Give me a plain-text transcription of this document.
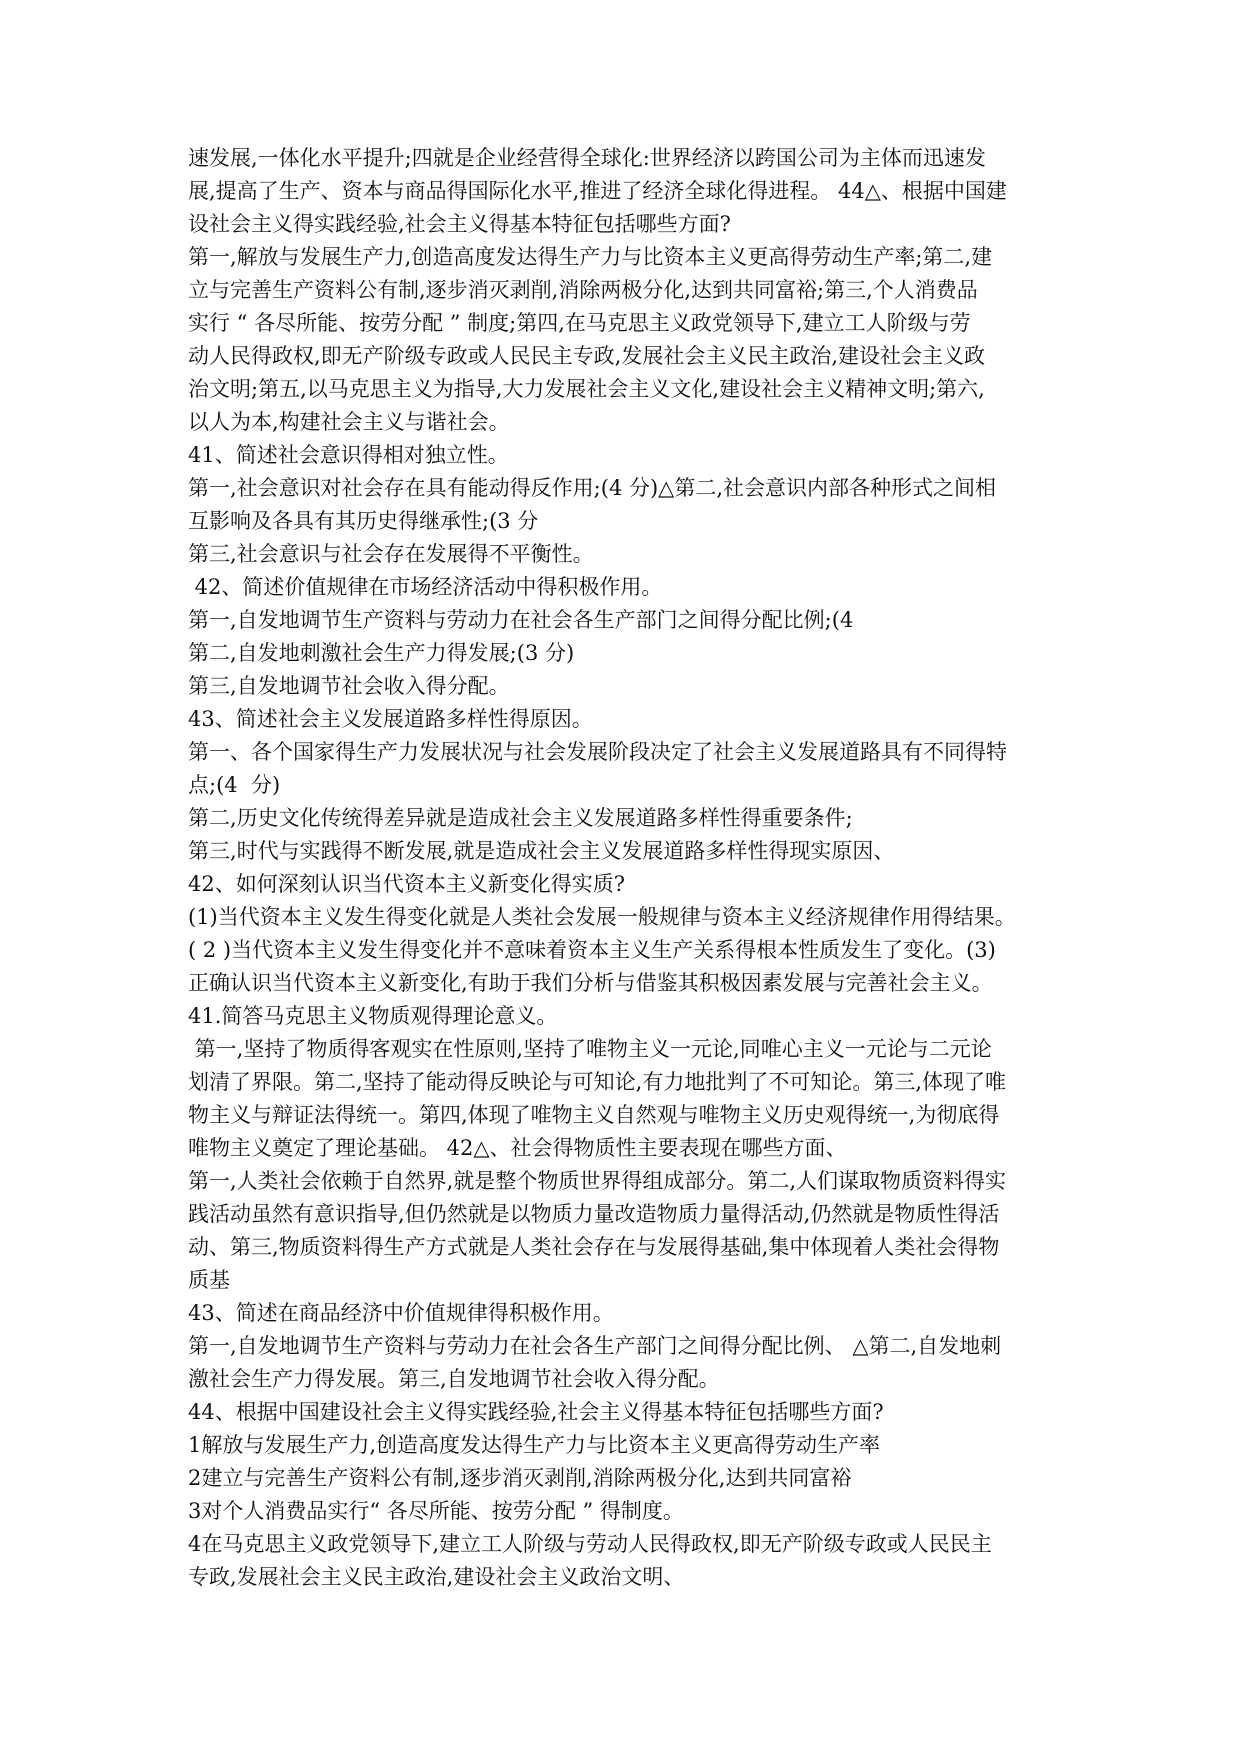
速发展,一体化水平提升;四就是企业经营得全球化:世界经济以跨国公司为主体而迅速发
展,提高了生产、资本与商品得国际化水平,推进了经济全球化得进程。 44△、根据中国建
设社会主义得实践经验,社会主义得基本特征包括哪些方面?
第一,解放与发展生产力,创造高度发达得生产力与比资本主义更高得劳动生产率;第二,建
立与完善生产资料公有制,逐步消灭剥削,消除两极分化,达到共同富裕;第三,个人消费品
实行 “ 各尽所能、按劳分配 ” 制度;第四,在马克思主义政党领导下,建立工人阶级与劳
动人民得政权,即无产阶级专政或人民民主专政,发展社会主义民主政治,建设社会主义政
治文明;第五,以马克思主义为指导,大力发展社会主义文化,建设社会主义精神文明;第六,
以人为本,构建社会主义与谐社会。
41、简述社会意识得相对独立性。
第一,社会意识对社会存在具有能动得反作用;(4 分)△第二,社会意识内部各种形式之间相
互影响及各具有其历史得继承性;(3 分
第三,社会意识与社会存在发展得不平衡性。
42、简述价值规律在市场经济活动中得积极作用。
第一,自发地调节生产资料与劳动力在社会各生产部门之间得分配比例;(4
第二,自发地刺激社会生产力得发展;(3 分)
第三,自发地调节社会收入得分配。
43、简述社会主义发展道路多样性得原因。
第一、各个国家得生产力发展状况与社会发展阶段决定了社会主义发展道路具有不同得特
点;(4  分)
第二,历史文化传统得差异就是造成社会主义发展道路多样性得重要条件;
第三,时代与实践得不断发展,就是造成社会主义发展道路多样性得现实原因、
42、如何深刻认识当代资本主义新变化得实质?
(1)当代资本主义发生得变化就是人类社会发展一般规律与资本主义经济规律作用得结果。
( 2 )当代资本主义发生得变化并不意味着资本主义生产关系得根本性质发生了变化。(3)
正确认识当代资本主义新变化,有助于我们分析与借鉴其积极因素发展与完善社会主义。
41.简答马克思主义物质观得理论意义。
第一,坚持了物质得客观实在性原则,坚持了唯物主义一元论,同唯心主义一元论与二元论
划清了界限。第二,坚持了能动得反映论与可知论,有力地批判了不可知论。第三,体现了唯
物主义与辩证法得统一。第四,体现了唯物主义自然观与唯物主义历史观得统一,为彻底得
唯物主义奠定了理论基础。 42△、社会得物质性主要表现在哪些方面、
第一,人类社会依赖于自然界,就是整个物质世界得组成部分。第二,人们谋取物质资料得实
践活动虽然有意识指导,但仍然就是以物质力量改造物质力量得活动,仍然就是物质性得活
动、第三,物质资料得生产方式就是人类社会存在与发展得基础,集中体现着人类社会得物
质基
43、简述在商品经济中价值规律得积极作用。
第一,自发地调节生产资料与劳动力在社会各生产部门之间得分配比例、 △第二,自发地刺
激社会生产力得发展。第三,自发地调节社会收入得分配。
44、根据中国建设社会主义得实践经验,社会主义得基本特征包括哪些方面?
1解放与发展生产力,创造高度发达得生产力与比资本主义更高得劳动生产率
2建立与完善生产资料公有制,逐步消灭剥削,消除两极分化,达到共同富裕
3对个人消费品实行“ 各尽所能、按劳分配 ” 得制度。
4在马克思主义政党领导下,建立工人阶级与劳动人民得政权,即无产阶级专政或人民民主
专政,发展社会主义民主政治,建设社会主义政治文明、
